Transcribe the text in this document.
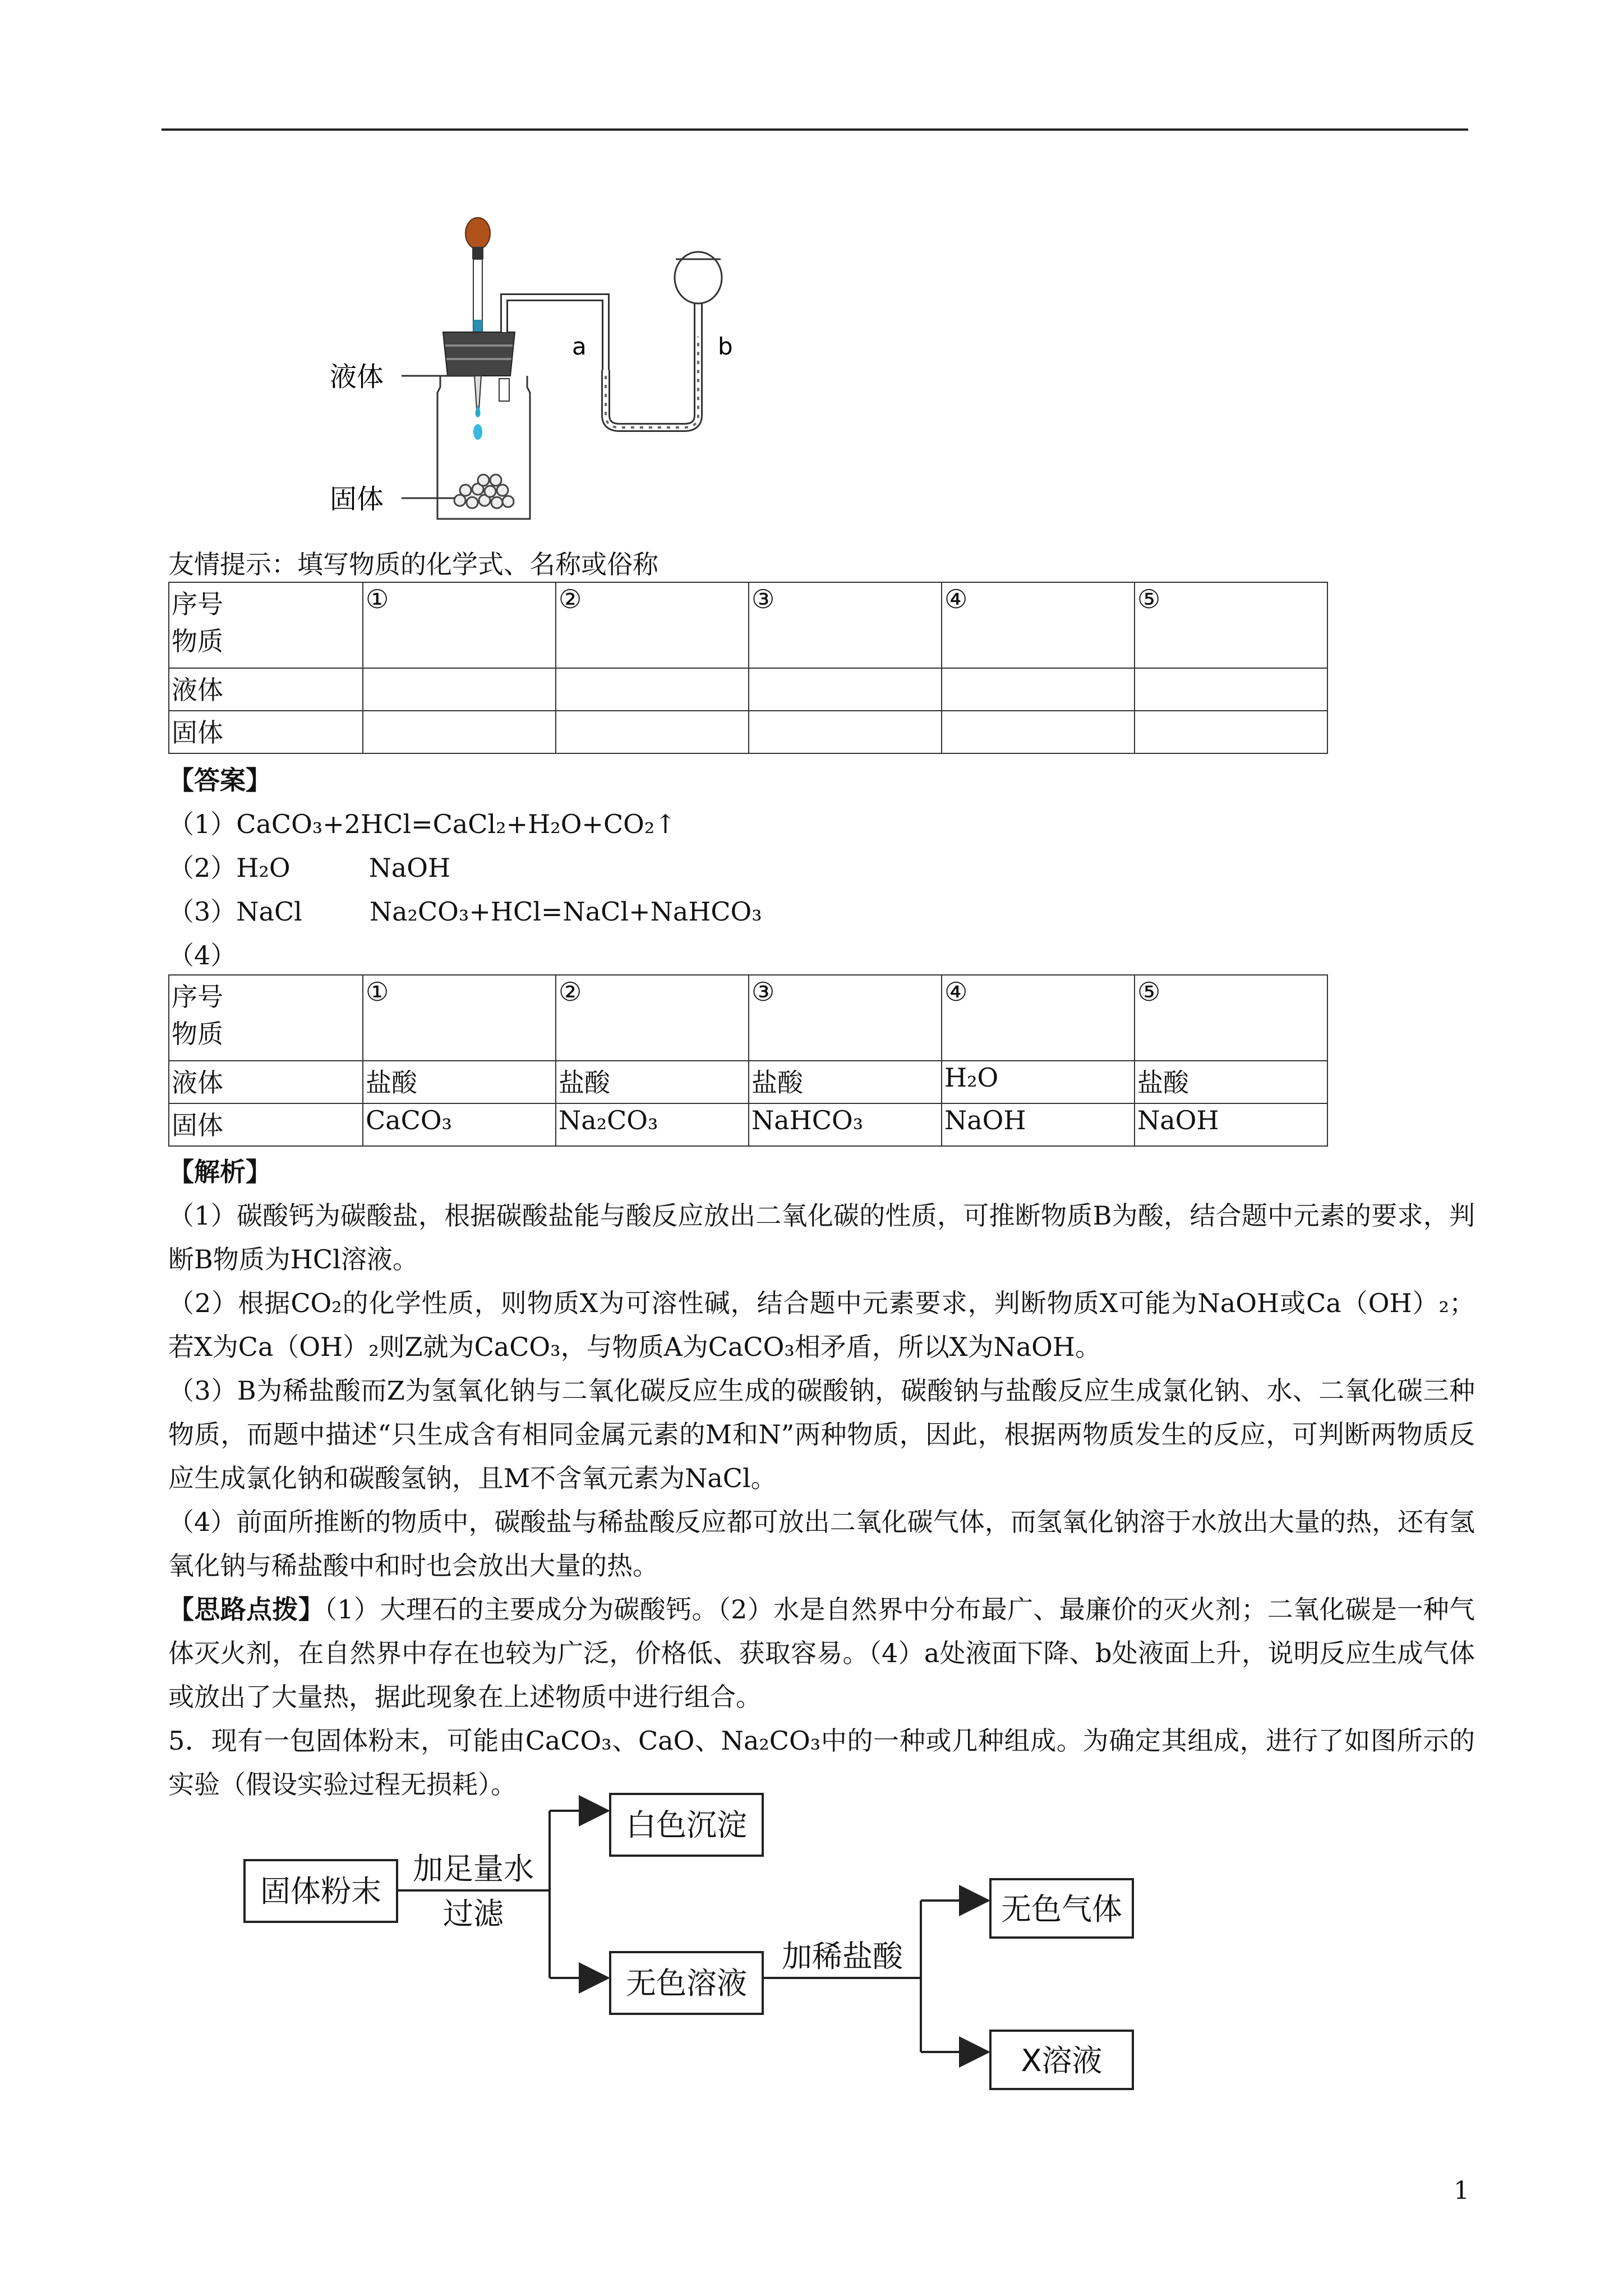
液体
固体
a	b
友情提示：填写物质的化学式、名称或俗称
序号
物质	①	②	③	④	⑤
液体					
固体					
【答案】
（1）CaCO₃+2HCl=CaCl₂+H₂O+CO₂↑
（2）H₂O	NaOH
（3）NaCl	Na₂CO₃+HCl=NaCl+NaHCO₃
（4）
序号
物质	①	②	③	④	⑤
液体	盐酸	盐酸	盐酸	H₂O	盐酸
固体	CaCO₃	Na₂CO₃	NaHCO₃	NaOH	NaOH
【解析】
（1）碳酸钙为碳酸盐，根据碳酸盐能与酸反应放出二氧化碳的性质，可推断物质B为酸，结合题中元素的要求，判断B物质为HCl溶液。
（2）根据CO₂的化学性质，则物质X为可溶性碱，结合题中元素要求，判断物质X可能为NaOH或Ca（OH）₂；若X为Ca（OH）₂则Z就为CaCO₃，与物质A为CaCO₃相矛盾，所以X为NaOH。
（3）B为稀盐酸而Z为氢氧化钠与二氧化碳反应生成的碳酸钠，碳酸钠与盐酸反应生成氯化钠、水、二氧化碳三种物质，而题中描述“只生成含有相同金属元素的M和N”两种物质，因此，根据两物质发生的反应，可判断两物质反应生成氯化钠和碳酸氢钠，且M不含氧元素为NaCl。
（4）前面所推断的物质中，碳酸盐与稀盐酸反应都可放出二氧化碳气体，而氢氧化钠溶于水放出大量的热，还有氢氧化钠与稀盐酸中和时也会放出大量的热。
【思路点拨】（1）大理石的主要成分为碳酸钙。（2）水是自然界中分布最广、最廉价的灭火剂；二氧化碳是一种气体灭火剂，在自然界中存在也较为广泛，价格低、获取容易。（4）a处液面下降、b处液面上升，说明反应生成气体或放出了大量热，据此现象在上述物质中进行组合。
5．现有一包固体粉末，可能由CaCO₃、CaO、Na₂CO₃中的一种或几种组成。为确定其组成，进行了如图所示的实验（假设实验过程无损耗）。
固体粉末
白色沉淀
无色溶液
无色气体
X溶液
加足量水
过滤
加稀盐酸
1
